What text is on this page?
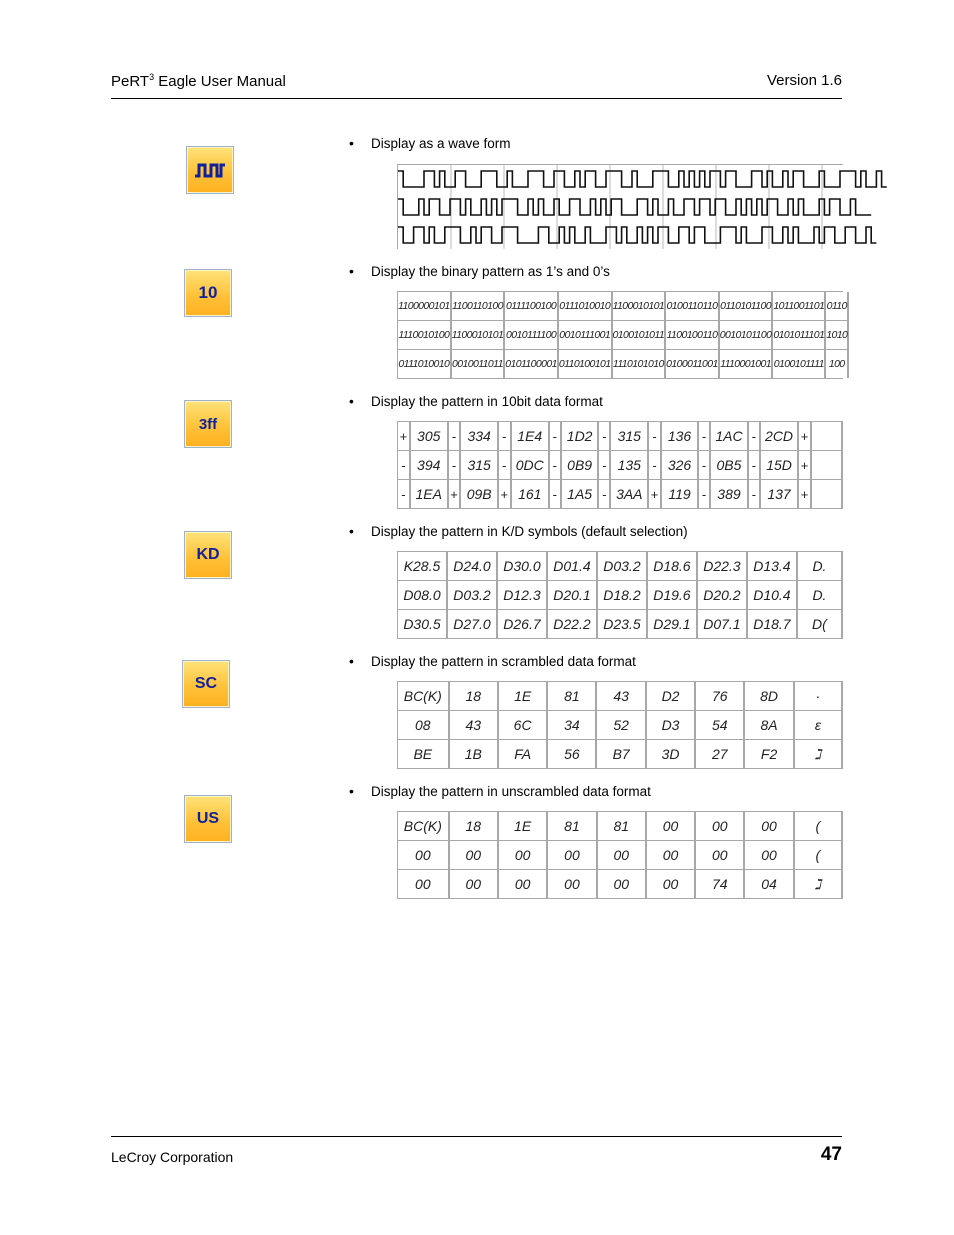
PeRT$^3$ Eagle User Manual	Version 1.6
• Display as a wave form
10
• Display the binary pattern as 1’s and 0’s
1100000101	1100110100	0111100100	0111010010	1100010101	0100110110	0110101100	1011001101	0110
1110010100	1100010101	0010111100	0010111001	0100101011	1100100110	0010101100	0101011101	1010
0111010010	0010011011	0101100001	0110100101	1110101010	0100011001	1110001001	0100101111	100
3ff
• Display the pattern in 10bit data format
+	305	-	334	-	1E4	-	1D2	-	315	-	136	-	1AC	-	2CD	+	
-	394	-	315	-	0DC	-	0B9	-	135	-	326	-	0B5	-	15D	+	
-	1EA	+	09B	+	161	-	1A5	-	3AA	+	119	-	389	-	137	+	
KD
• Display the pattern in K/D symbols (default selection)
K28.5	D24.0	D30.0	D01.4	D03.2	D18.6	D22.3	D13.4	D.
D08.0	D03.2	D12.3	D20.1	D18.2	D19.6	D20.2	D10.4	D.
D30.5	D27.0	D26.7	D22.2	D23.5	D29.1	D07.1	D18.7	D(
SC
• Display the pattern in scrambled data format
BC(K)	18	1E	81	43	D2	76	8D	·
08	43	6C	34	52	D3	54	8A	ε
BE	1B	FA	56	B7	3D	27	F2	ℷ
US
• Display the pattern in unscrambled data format
BC(K)	18	1E	81	81	00	00	00	(
00	00	00	00	00	00	00	00	(
00	00	00	00	00	00	74	04	ℷ
LeCroy Corporation	47
